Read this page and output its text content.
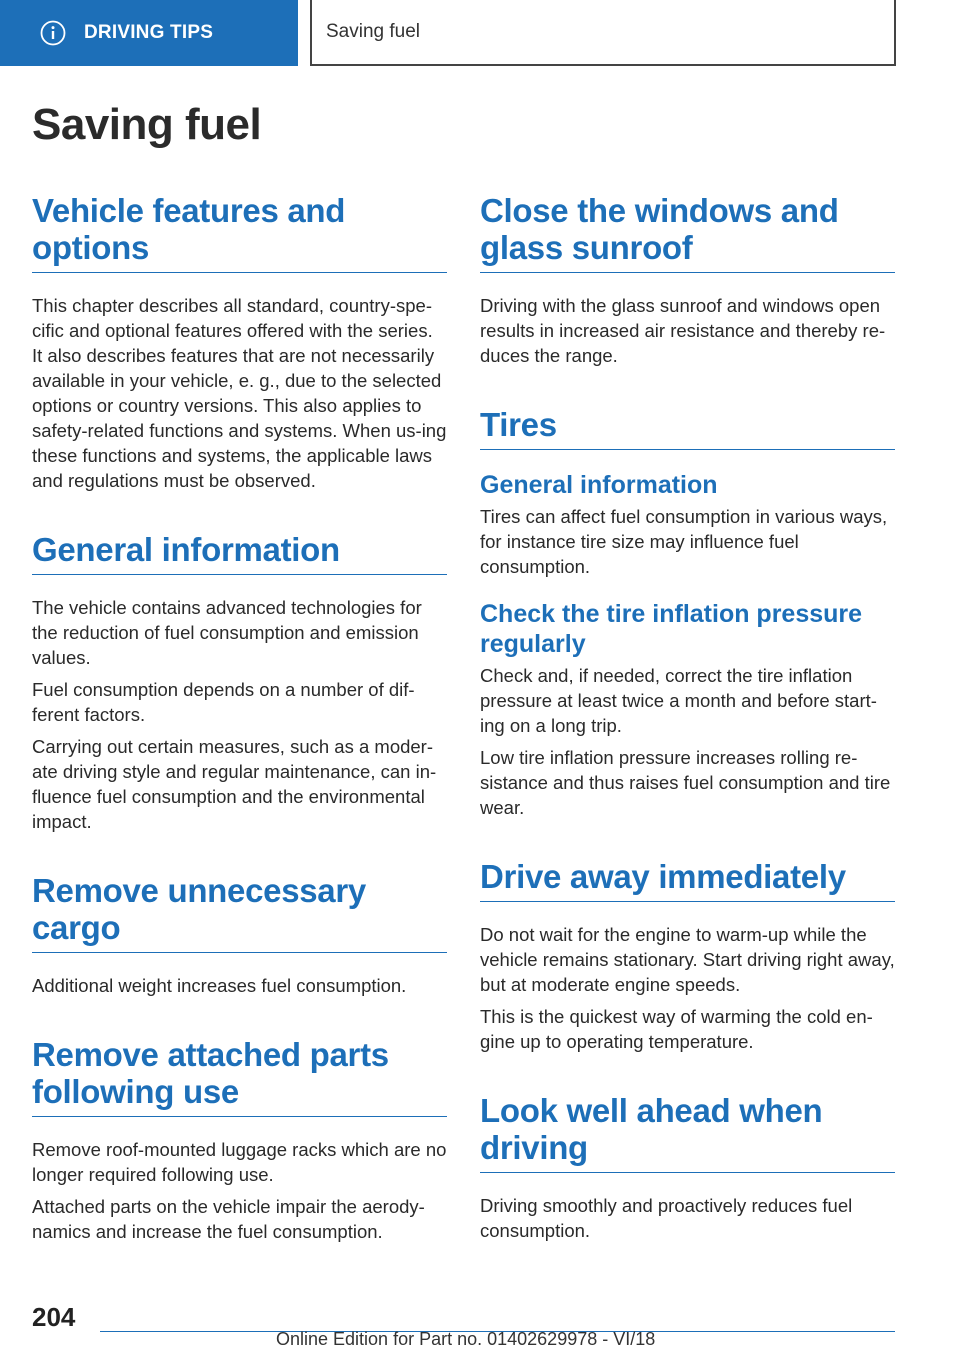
DRIVING TIPS	Saving fuel
Saving fuel
Vehicle features and options

This chapter describes all standard, country-spe‐cific and optional features offered with the series. It also describes features that are not necessarily available in your vehicle, e. g., due to the selected options or country versions. This also applies to safety-related functions and systems. When us‐ing these functions and systems, the applicable laws and regulations must be observed.

General information

The vehicle contains advanced technologies for the reduction of fuel consumption and emission values.

Fuel consumption depends on a number of dif‐ferent factors.

Carrying out certain measures, such as a moder‐ate driving style and regular maintenance, can in‐fluence fuel consumption and the environmental impact.

Remove unnecessary cargo

Additional weight increases fuel consumption.

Remove attached parts following use

Remove roof-mounted luggage racks which are no longer required following use.

Attached parts on the vehicle impair the aerody‐namics and increase the fuel consumption.

Close the windows and glass sunroof

Driving with the glass sunroof and windows open results in increased air resistance and thereby re‐duces the range.

Tires
General information

Tires can affect fuel consumption in various ways, for instance tire size may influence fuel consumption.

Check the tire inflation pressure regularly

Check and, if needed, correct the tire inflation pressure at least twice a month and before start‐ing on a long trip.

Low tire inflation pressure increases rolling re‐sistance and thus raises fuel consumption and tire wear.

Drive away immediately

Do not wait for the engine to warm-up while the vehicle remains stationary. Start driving right away, but at moderate engine speeds.

This is the quickest way of warming the cold en‐gine up to operating temperature.

Look well ahead when driving

Driving smoothly and proactively reduces fuel consumption.

204
Online Edition for Part no. 01402629978 - VI/18
